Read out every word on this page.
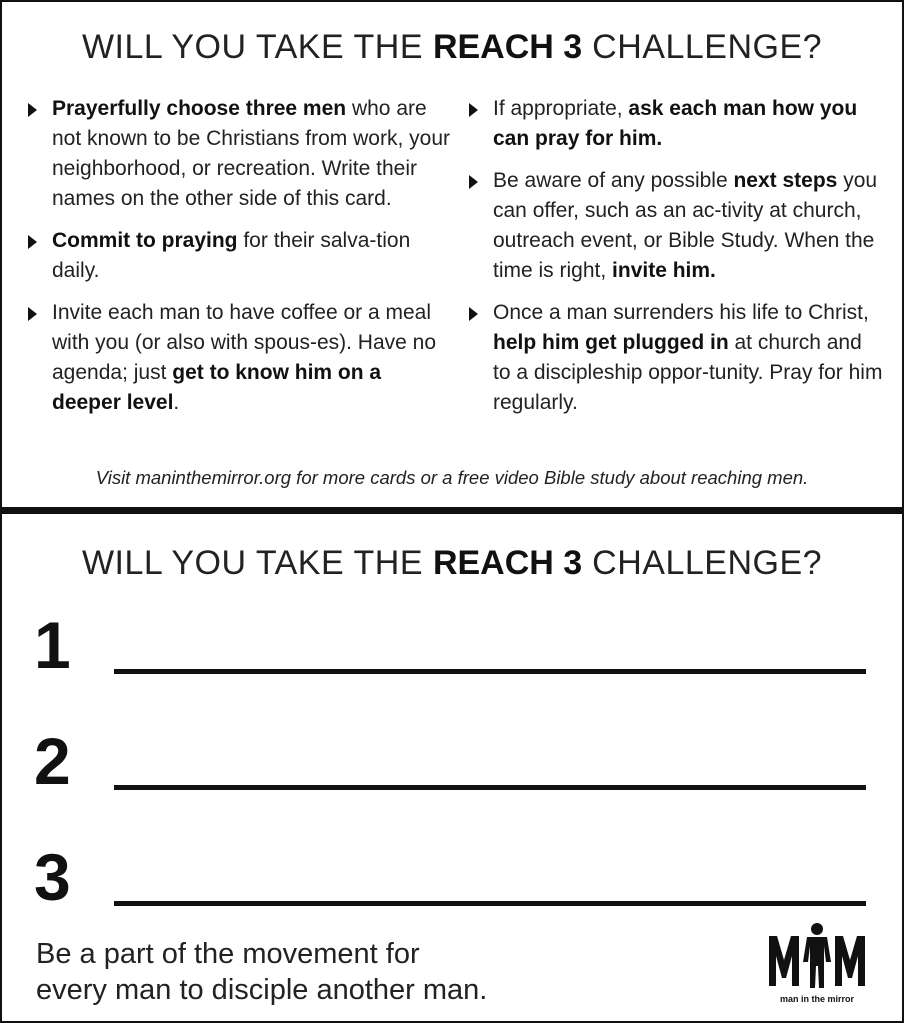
WILL YOU TAKE THE REACH 3 CHALLENGE?

Prayerfully choose three men who are not known to be Christians from work, your neighborhood, or recreation. Write their names on the other side of this card.

Commit to praying for their salva-tion daily.

Invite each man to have coffee or a meal with you (or also with spous-es). Have no agenda; just get to know him on a deeper level.

If appropriate, ask each man how you can pray for him.

Be aware of any possible next steps you can offer, such as an ac-tivity at church, outreach event, or Bible Study. When the time is right, invite him.

Once a man surrenders his life to Christ, help him get plugged in at church and to a discipleship oppor-tunity. Pray for him regularly.

Visit maninthemirror.org for more cards or a free video Bible study about reaching men.

WILL YOU TAKE THE REACH 3 CHALLENGE?
1
2
3

Be a part of the movement for
every man to disciple another man.	man in the mirror
